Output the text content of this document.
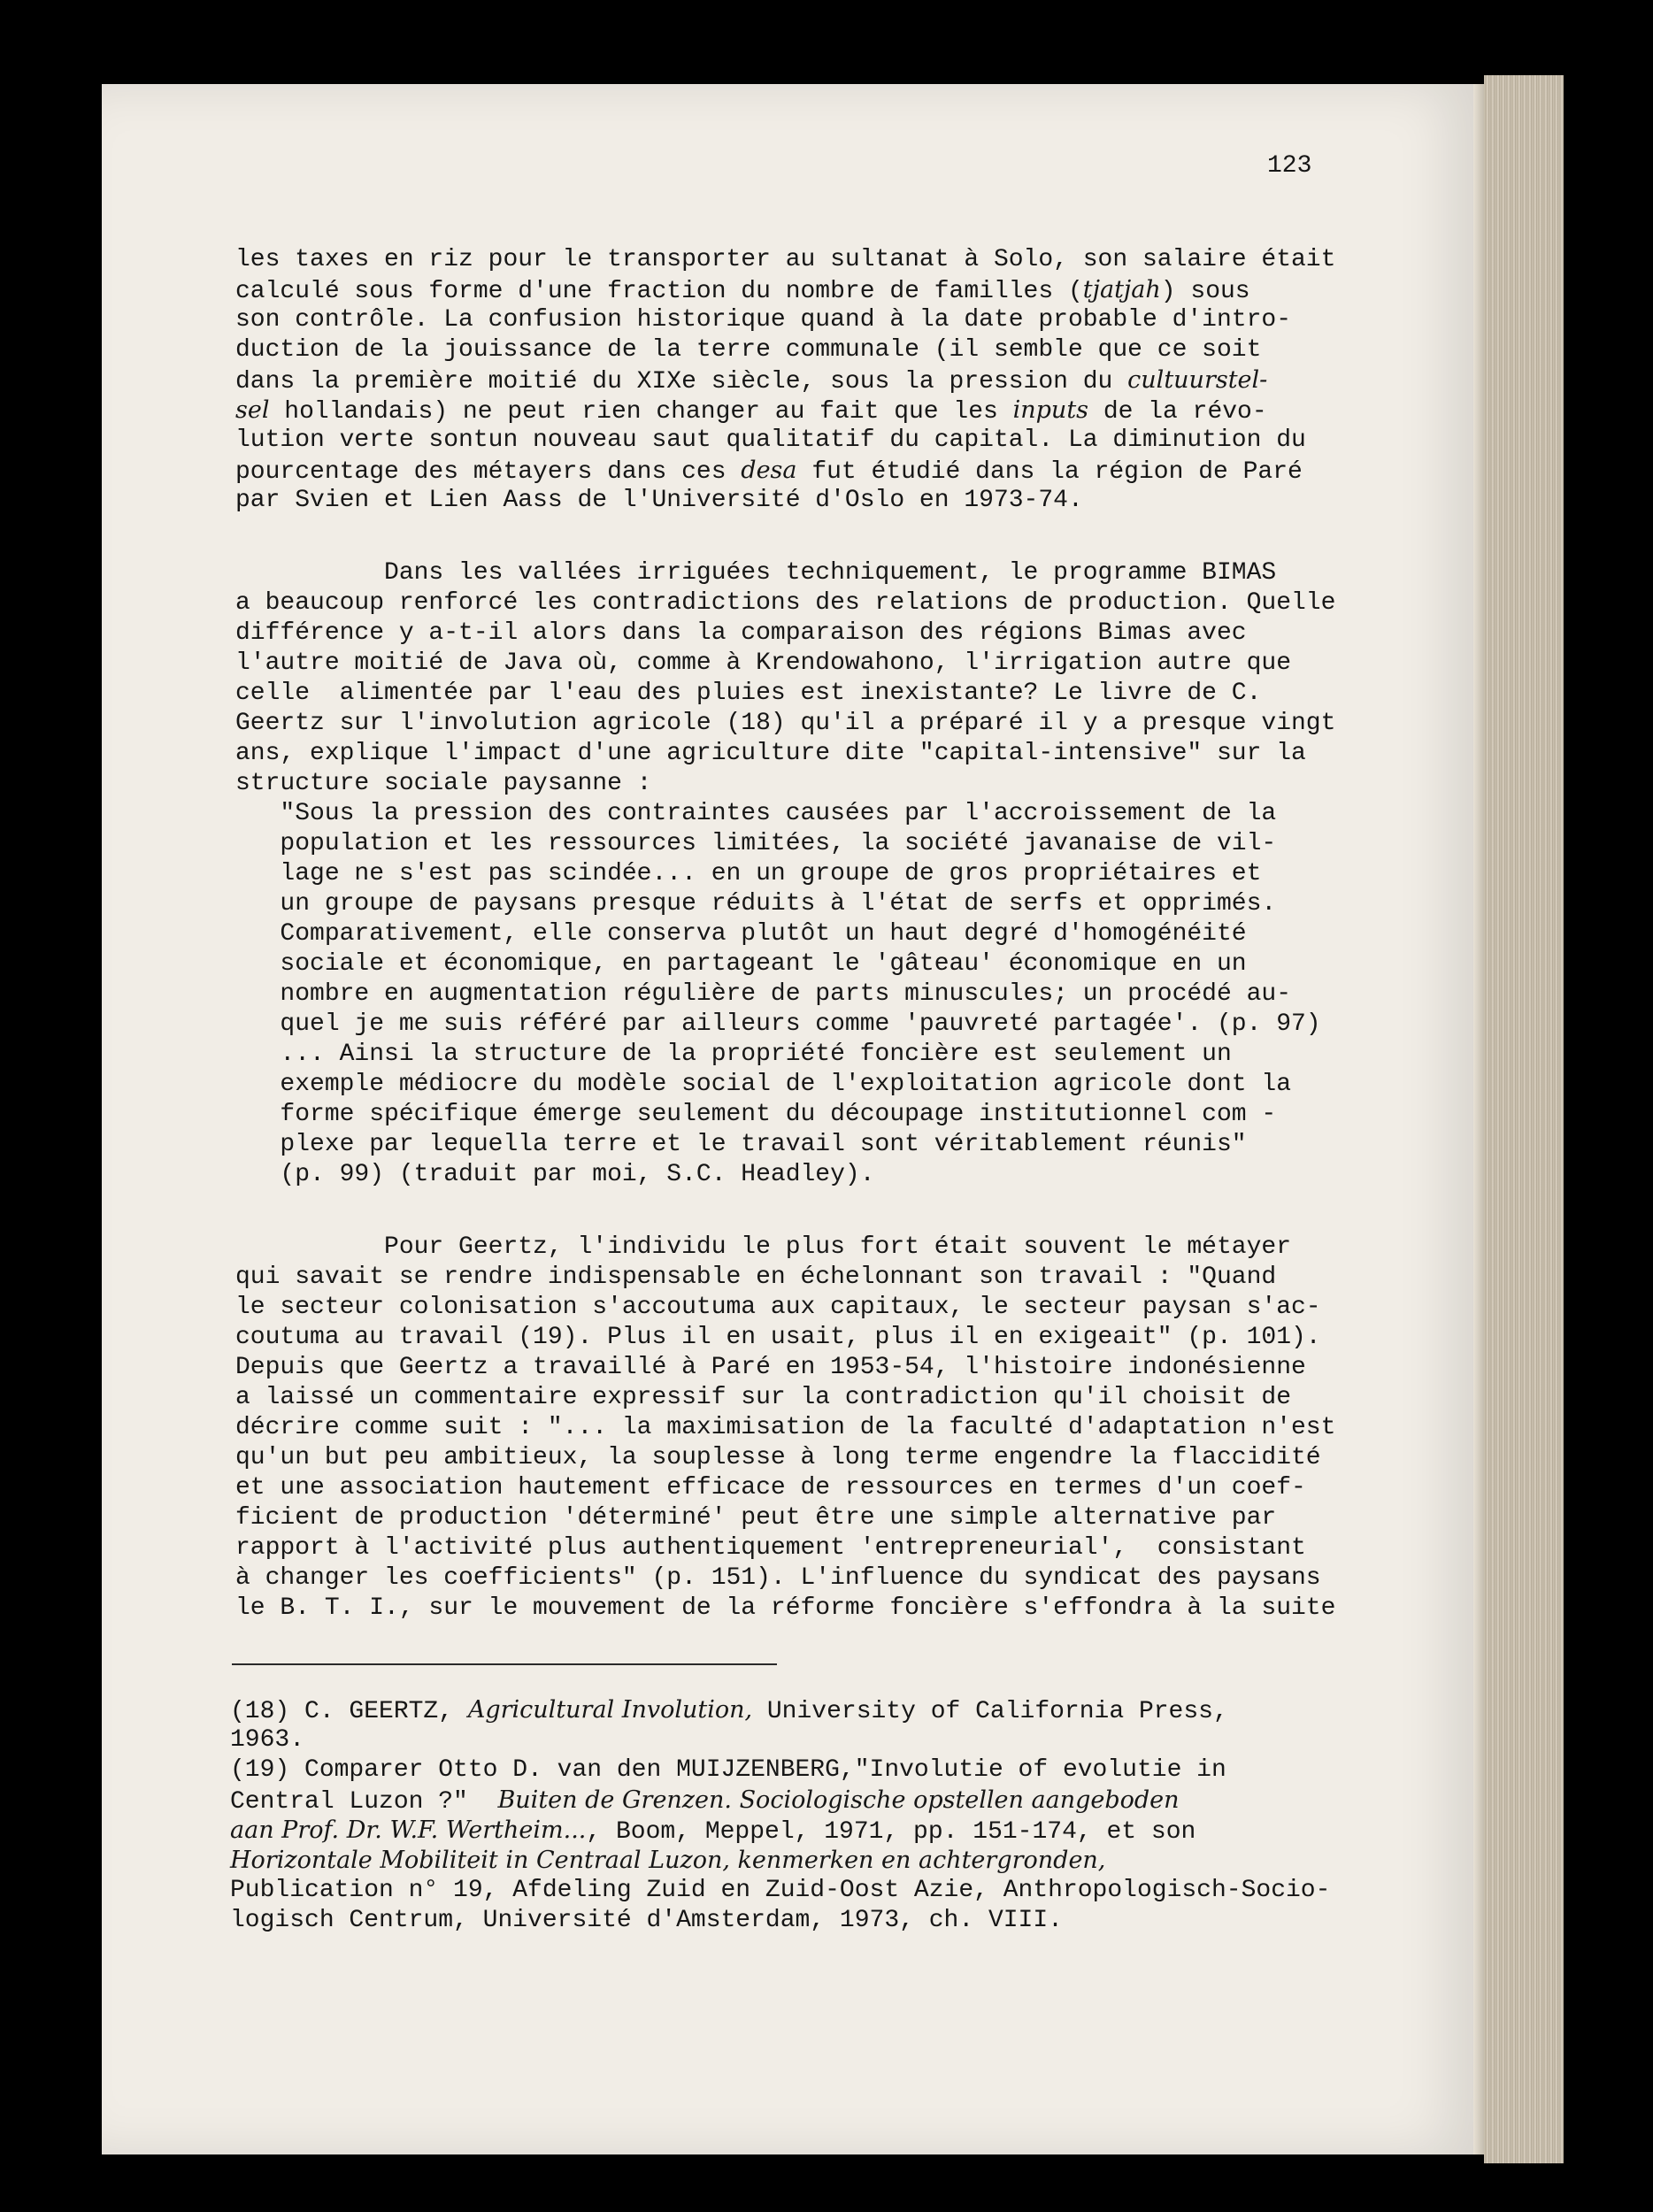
123
les taxes en riz pour le transporter au sultanat à Solo, son salaire était
calculé sous forme d'une fraction du nombre de familles (tjatjah) sous
son contrôle. La confusion historique quand à la date probable d'intro-
duction de la jouissance de la terre communale (il semble que ce soit
dans la première moitié du XIXe siècle, sous la pression du cultuurstel-
sel hollandais) ne peut rien changer au fait que les inputs de la révo-
lution verte sontun nouveau saut qualitatif du capital. La diminution du
pourcentage des métayers dans ces desa fut étudié dans la région de Paré
par Svien et Lien Aass de l'Université d'Oslo en 1973-74.
Dans les vallées irriguées techniquement, le programme BIMAS
a beaucoup renforcé les contradictions des relations de production. Quelle
différence y a-t-il alors dans la comparaison des régions Bimas avec
l'autre moitié de Java où, comme à Krendowahono, l'irrigation autre que
celle  alimentée par l'eau des pluies est inexistante? Le livre de C.
Geertz sur l'involution agricole (18) qu'il a préparé il y a presque vingt
ans, explique l'impact d'une agriculture dite "capital-intensive" sur la
structure sociale paysanne :
"Sous la pression des contraintes causées par l'accroissement de la
population et les ressources limitées, la société javanaise de vil-
lage ne s'est pas scindée... en un groupe de gros propriétaires et
un groupe de paysans presque réduits à l'état de serfs et opprimés.
Comparativement, elle conserva plutôt un haut degré d'homogénéité
sociale et économique, en partageant le 'gâteau' économique en un
nombre en augmentation régulière de parts minuscules; un procédé au-
quel je me suis référé par ailleurs comme 'pauvreté partagée'. (p. 97)
... Ainsi la structure de la propriété foncière est seulement un
exemple médiocre du modèle social de l'exploitation agricole dont la
forme spécifique émerge seulement du découpage institutionnel com -
plexe par lequella terre et le travail sont véritablement réunis"
(p. 99) (traduit par moi, S.C. Headley).
Pour Geertz, l'individu le plus fort était souvent le métayer
qui savait se rendre indispensable en échelonnant son travail : "Quand
le secteur colonisation s'accoutuma aux capitaux, le secteur paysan s'ac-
coutuma au travail (19). Plus il en usait, plus il en exigeait" (p. 101).
Depuis que Geertz a travaillé à Paré en 1953-54, l'histoire indonésienne
a laissé un commentaire expressif sur la contradiction qu'il choisit de
décrire comme suit : "... la maximisation de la faculté d'adaptation n'est
qu'un but peu ambitieux, la souplesse à long terme engendre la flaccidité
et une association hautement efficace de ressources en termes d'un coef-
ficient de production 'déterminé' peut être une simple alternative par
rapport à l'activité plus authentiquement 'entrepreneurial',  consistant
à changer les coefficients" (p. 151). L'influence du syndicat des paysans
le B. T. I., sur le mouvement de la réforme foncière s'effondra à la suite
(18) C. GEERTZ, Agricultural Involution, University of California Press,
1963.
(19) Comparer Otto D. van den MUIJZENBERG,"Involutie of evolutie in
Central Luzon ?"  Buiten de Grenzen. Sociologische opstellen aangeboden
aan Prof. Dr. W.F. Wertheim..., Boom, Meppel, 1971, pp. 151-174, et son
Horizontale Mobiliteit in Centraal Luzon, kenmerken en achtergronden,
Publication n° 19, Afdeling Zuid en Zuid-Oost Azie, Anthropologisch-Socio-
logisch Centrum, Université d'Amsterdam, 1973, ch. VIII.
